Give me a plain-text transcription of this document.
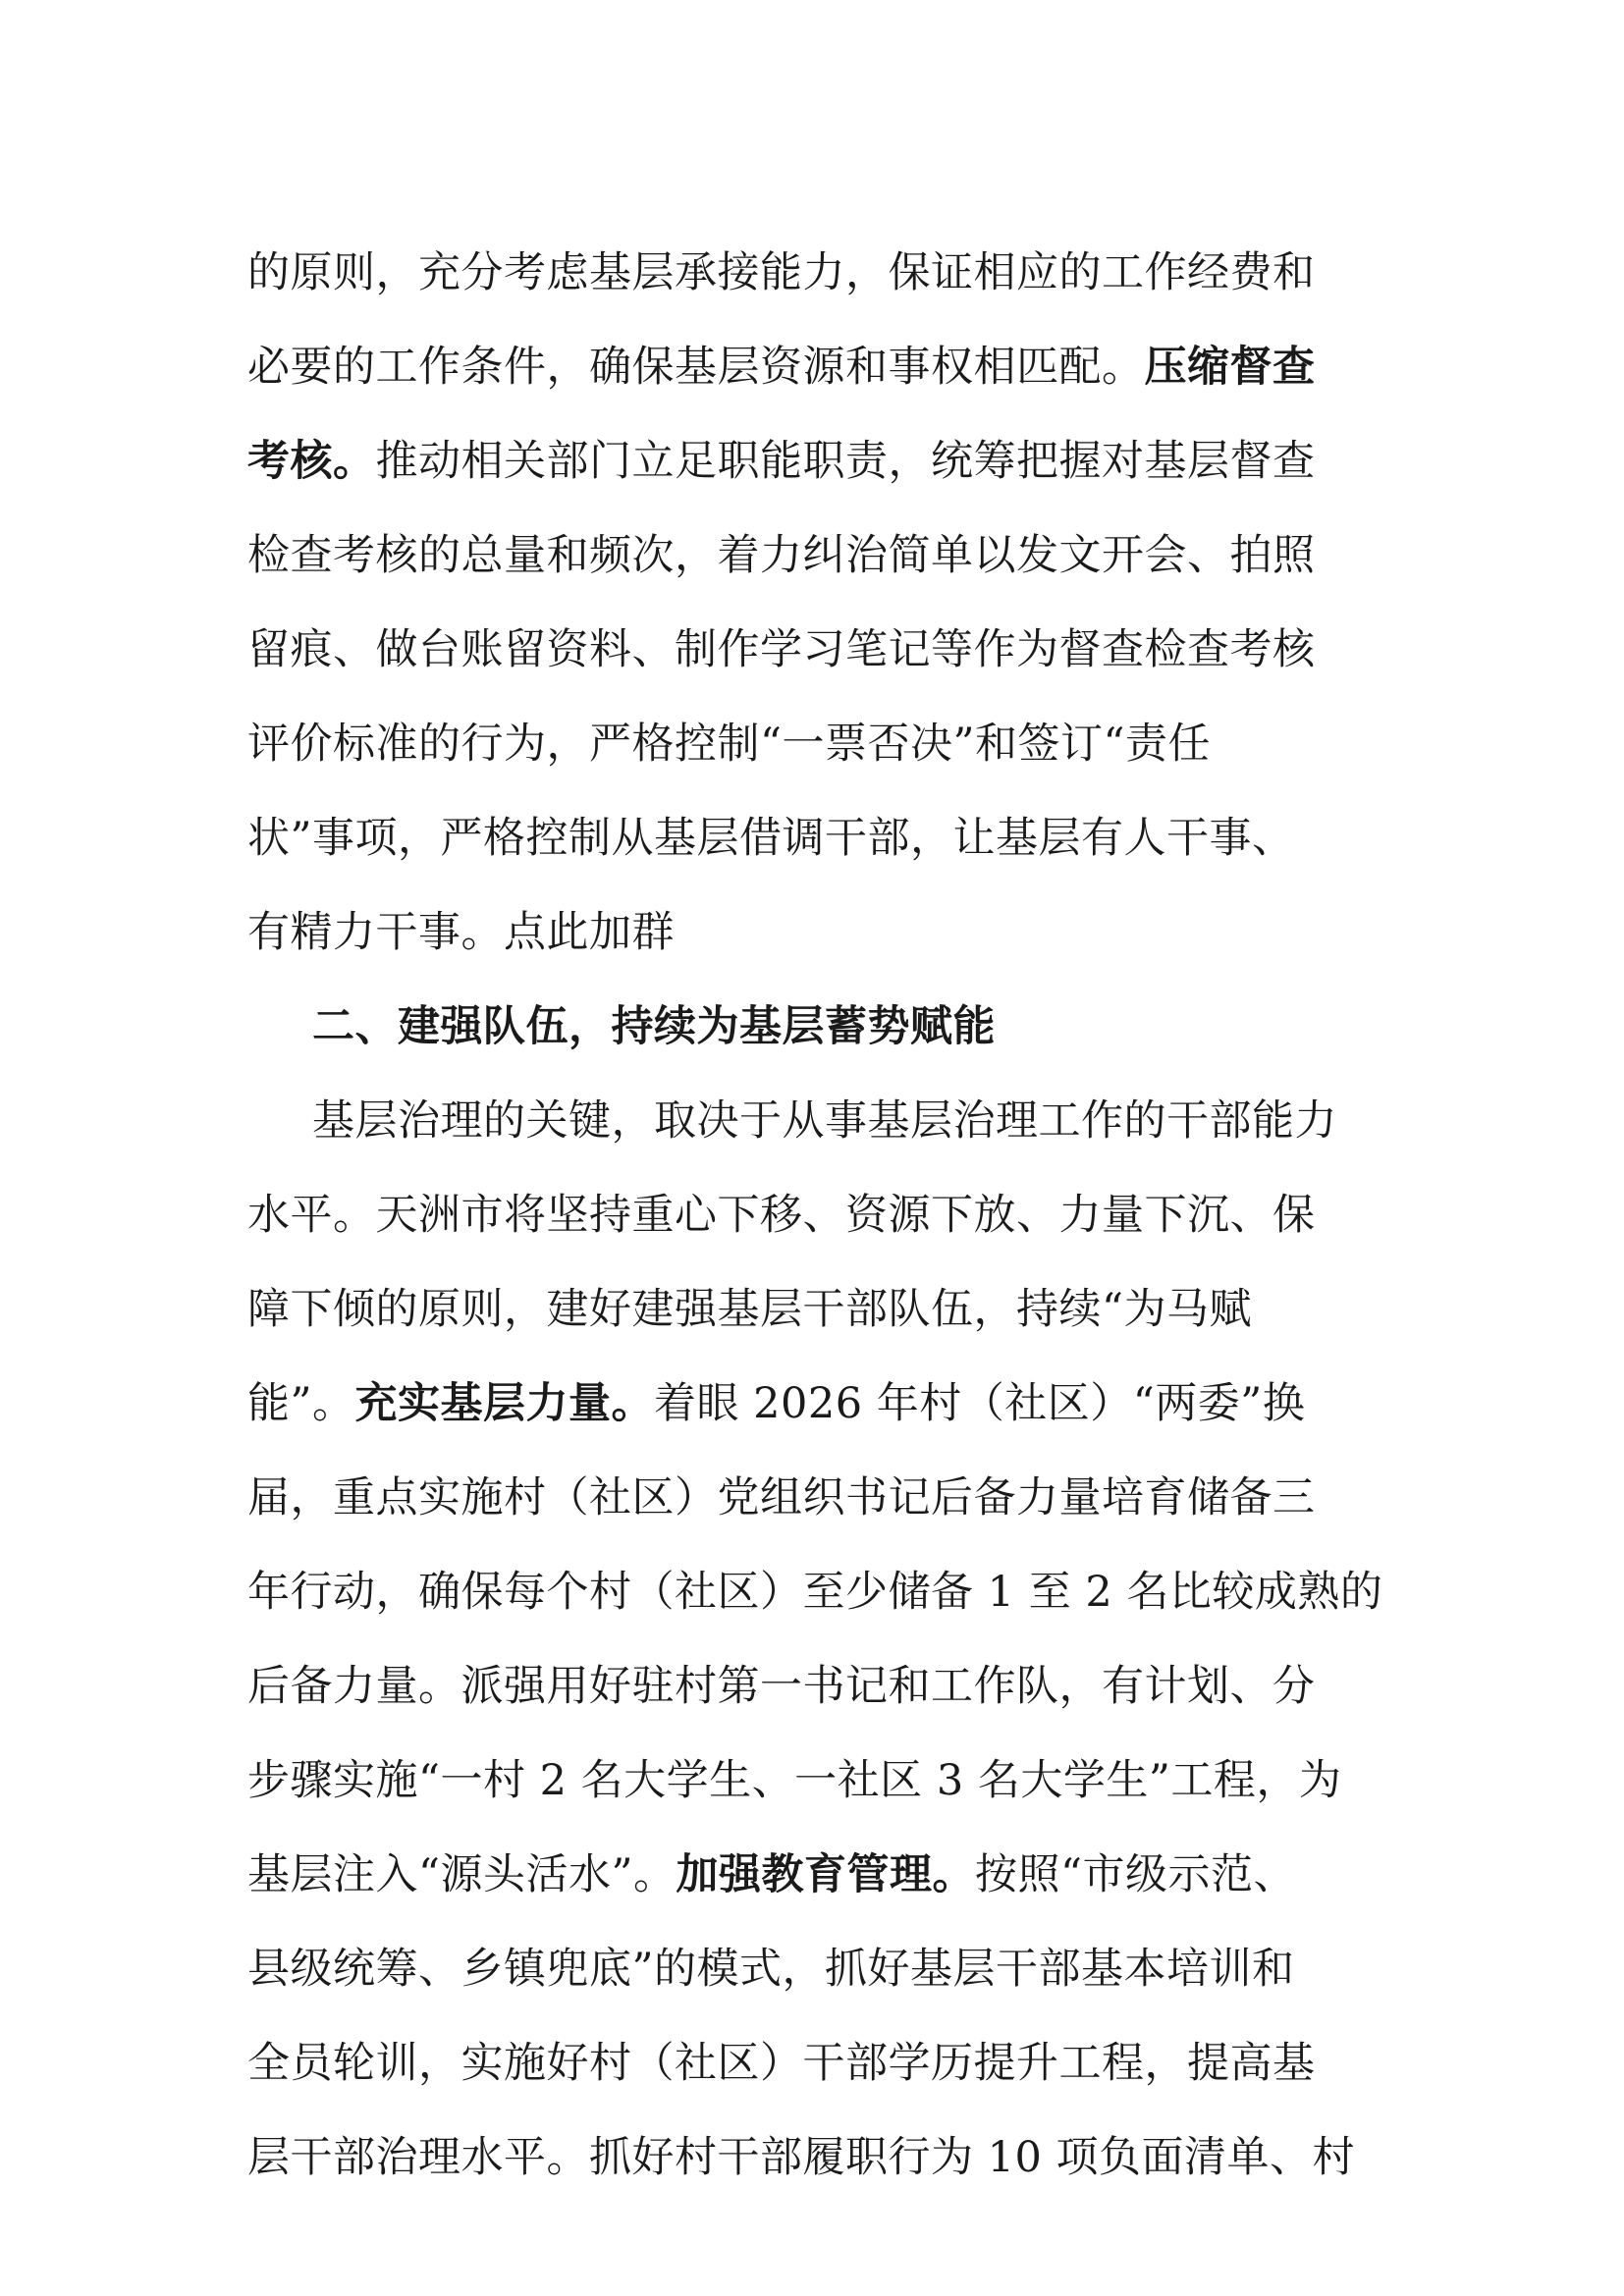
的原则，充分考虑基层承接能力，保证相应的工作经费和
必要的工作条件，确保基层资源和事权相匹配。压缩督查
考核。推动相关部门立足职能职责，统筹把握对基层督查
检查考核的总量和频次，着力纠治简单以发文开会、拍照
留痕、做台账留资料、制作学习笔记等作为督查检查考核
评价标准的行为，严格控制“一票否决”和签订“责任
状”事项，严格控制从基层借调干部，让基层有人干事、
有精力干事。点此加群
二、建强队伍，持续为基层蓄势赋能
基层治理的关键，取决于从事基层治理工作的干部能力
水平。天洲市将坚持重心下移、资源下放、力量下沉、保
障下倾的原则，建好建强基层干部队伍，持续“为马赋
能”。充实基层力量。着眼 2026 年村（社区）“两委”换
届，重点实施村（社区）党组织书记后备力量培育储备三
年行动，确保每个村（社区）至少储备 1 至 2 名比较成熟的
后备力量。派强用好驻村第一书记和工作队，有计划、分
步骤实施“一村 2 名大学生、一社区 3 名大学生”工程，为
基层注入“源头活水”。加强教育管理。按照“市级示范、
县级统筹、乡镇兜底”的模式，抓好基层干部基本培训和
全员轮训，实施好村（社区）干部学历提升工程，提高基
层干部治理水平。抓好村干部履职行为 10 项负面清单、村
